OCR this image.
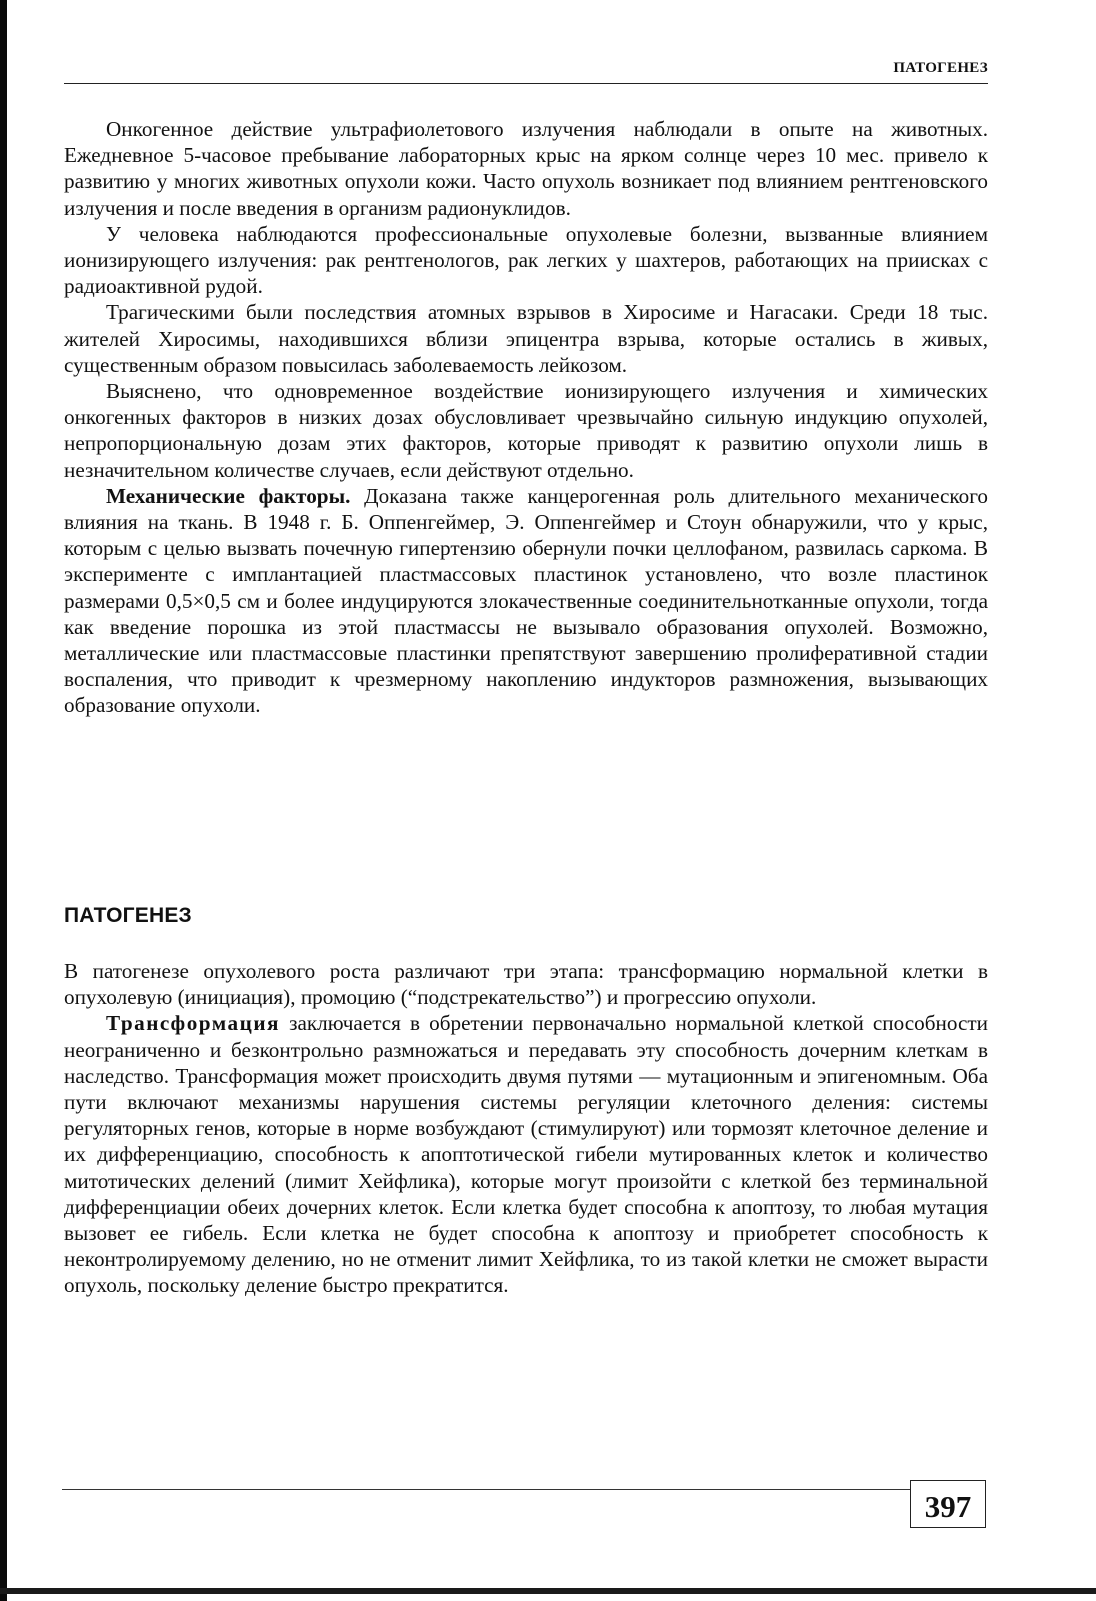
ПАТОГЕНЕЗ

Онкогенное действие ультрафиолетового излучения наблюдали в опыте на животных. Ежедневное 5-часовое пребывание лабораторных крыс на ярком солнце через 10 мес. привело к развитию у многих животных опухоли кожи. Часто опухоль возникает под влиянием рентгеновского излучения и после введения в организм радионуклидов.

У человека наблюдаются профессиональные опухолевые болезни, вызванные влиянием ионизирующего излучения: рак рентгенологов, рак легких у шахтеров, работающих на приисках с радиоактивной рудой.

Трагическими были последствия атомных взрывов в Хиросиме и Нагасаки. Среди 18 тыс. жителей Хиросимы, находившихся вблизи эпицентра взрыва, которые остались в живых, существенным образом повысилась заболеваемость лейкозом.

Выяснено, что одновременное воздействие ионизирующего излучения и химических онкогенных факторов в низких дозах обусловливает чрезвычайно сильную индукцию опухолей, непропорциональную дозам этих факторов, которые приводят к развитию опухоли лишь в незначительном количестве случаев, если действуют отдельно.

Механические факторы. Доказана также канцерогенная роль длительного механического влияния на ткань. В 1948 г. Б. Оппенгеймер, Э. Оппенгеймер и Стоун обнаружили, что у крыс, которым с целью вызвать почечную гипертензию обернули почки целлофаном, развилась саркома. В эксперименте с имплантацией пластмассовых пластинок установлено, что возле пластинок размерами 0,5×0,5 см и более индуцируются злокачественные соединительнотканные опухоли, тогда как введение порошка из этой пластмассы не вызывало образования опухолей. Возможно, металлические или пластмассовые пластинки препятствуют завершению пролиферативной стадии воспаления, что приводит к чрезмерному накоплению индукторов размножения, вызывающих образование опухоли.

ПАТОГЕНЕЗ

В патогенезе опухолевого роста различают три этапа: трансформацию нормальной клетки в опухолевую (инициация), промоцию (“подстрекательство”) и прогрессию опухоли.

Трансформация заключается в обретении первоначально нормальной клеткой способности неограниченно и безконтрольно размножаться и передавать эту способность дочерним клеткам в наследство. Трансформация может происходить двумя путями — мутационным и эпигеномным. Оба пути включают механизмы нарушения системы регуляции клеточного деления: системы регуляторных генов, которые в норме возбуждают (стимулируют) или тормозят клеточное деление и их дифференциацию, способность к апоптотической гибели мутированных клеток и количество митотических делений (лимит Хейфлика), которые могут произойти с клеткой без терминальной дифференциации обеих дочерних клеток. Если клетка будет способна к апоптозу, то любая мутация вызовет ее гибель. Если клетка не будет способна к апоптозу и приобретет способность к неконтролируемому делению, но не отменит лимит Хейфлика, то из такой клетки не сможет вырасти опухоль, поскольку деление быстро прекратится.

397
